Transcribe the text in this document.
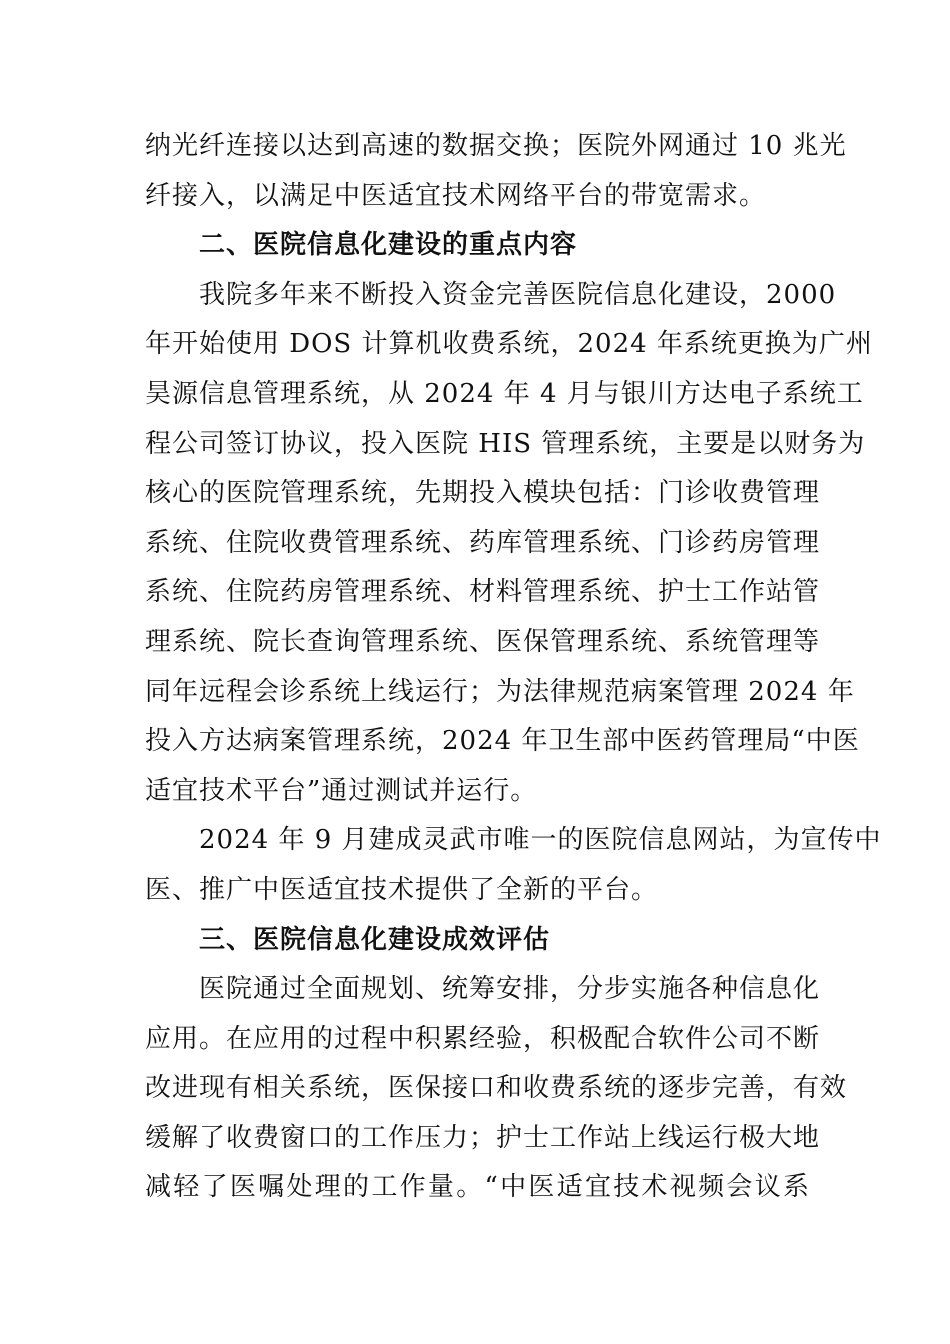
纳光纤连接以达到高速的数据交换；医院外网通过 10 兆光
纤接入，以满足中医适宜技术网络平台的带宽需求。
二、医院信息化建设的重点内容
我院多年来不断投入资金完善医院信息化建设，2000
年开始使用 DOS 计算机收费系统，2024 年系统更换为广州
昊源信息管理系统，从 2024 年 4 月与银川方达电子系统工
程公司签订协议，投入医院 HIS 管理系统，主要是以财务为
核心的医院管理系统，先期投入模块包括：门诊收费管理
系统、住院收费管理系统、药库管理系统、门诊药房管理
系统、住院药房管理系统、材料管理系统、护士工作站管
理系统、院长查询管理系统、医保管理系统、系统管理等
同年远程会诊系统上线运行；为法律规范病案管理 2024 年
投入方达病案管理系统，2024 年卫生部中医药管理局“中医
适宜技术平台”通过测试并运行。
2024 年 9 月建成灵武市唯一的医院信息网站，为宣传中
医、推广中医适宜技术提供了全新的平台。
三、医院信息化建设成效评估
医院通过全面规划、统筹安排，分步实施各种信息化
应用。在应用的过程中积累经验，积极配合软件公司不断
改进现有相关系统，医保接口和收费系统的逐步完善，有效
缓解了收费窗口的工作压力；护士工作站上线运行极大地
减轻了医嘱处理的工作量。“中医适宜技术视频会议系
